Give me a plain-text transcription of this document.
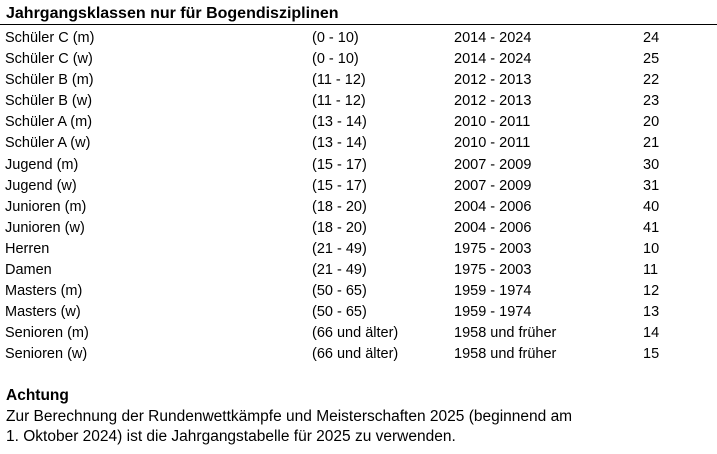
Jahrgangsklassen nur für Bogendisziplinen
Schüler C (m)	(0 - 10)	2014 - 2024	24
Schüler C (w)	(0 - 10)	2014 - 2024	25
Schüler B (m)	(11 - 12)	2012 - 2013	22
Schüler B (w)	(11 - 12)	2012 - 2013	23
Schüler A (m)	(13 - 14)	2010 - 2011	20
Schüler A (w)	(13 - 14)	2010 - 2011	21
Jugend (m)	(15 - 17)	2007 - 2009	30
Jugend (w)	(15 - 17)	2007 - 2009	31
Junioren (m)	(18 - 20)	2004 - 2006	40
Junioren (w)	(18 - 20)	2004 - 2006	41
Herren	(21 - 49)	1975 - 2003	10
Damen	(21 - 49)	1975 - 2003	11
Masters (m)	(50 - 65)	1959 - 1974	12
Masters (w)	(50 - 65)	1959 - 1974	13
Senioren (m)	(66 und älter)	1958 und früher	14
Senioren (w)	(66 und älter)	1958 und früher	15
Achtung
Zur Berechnung der Rundenwettkämpfe und Meisterschaften 2025 (beginnend am
1. Oktober 2024) ist die Jahrgangstabelle für 2025 zu verwenden.
